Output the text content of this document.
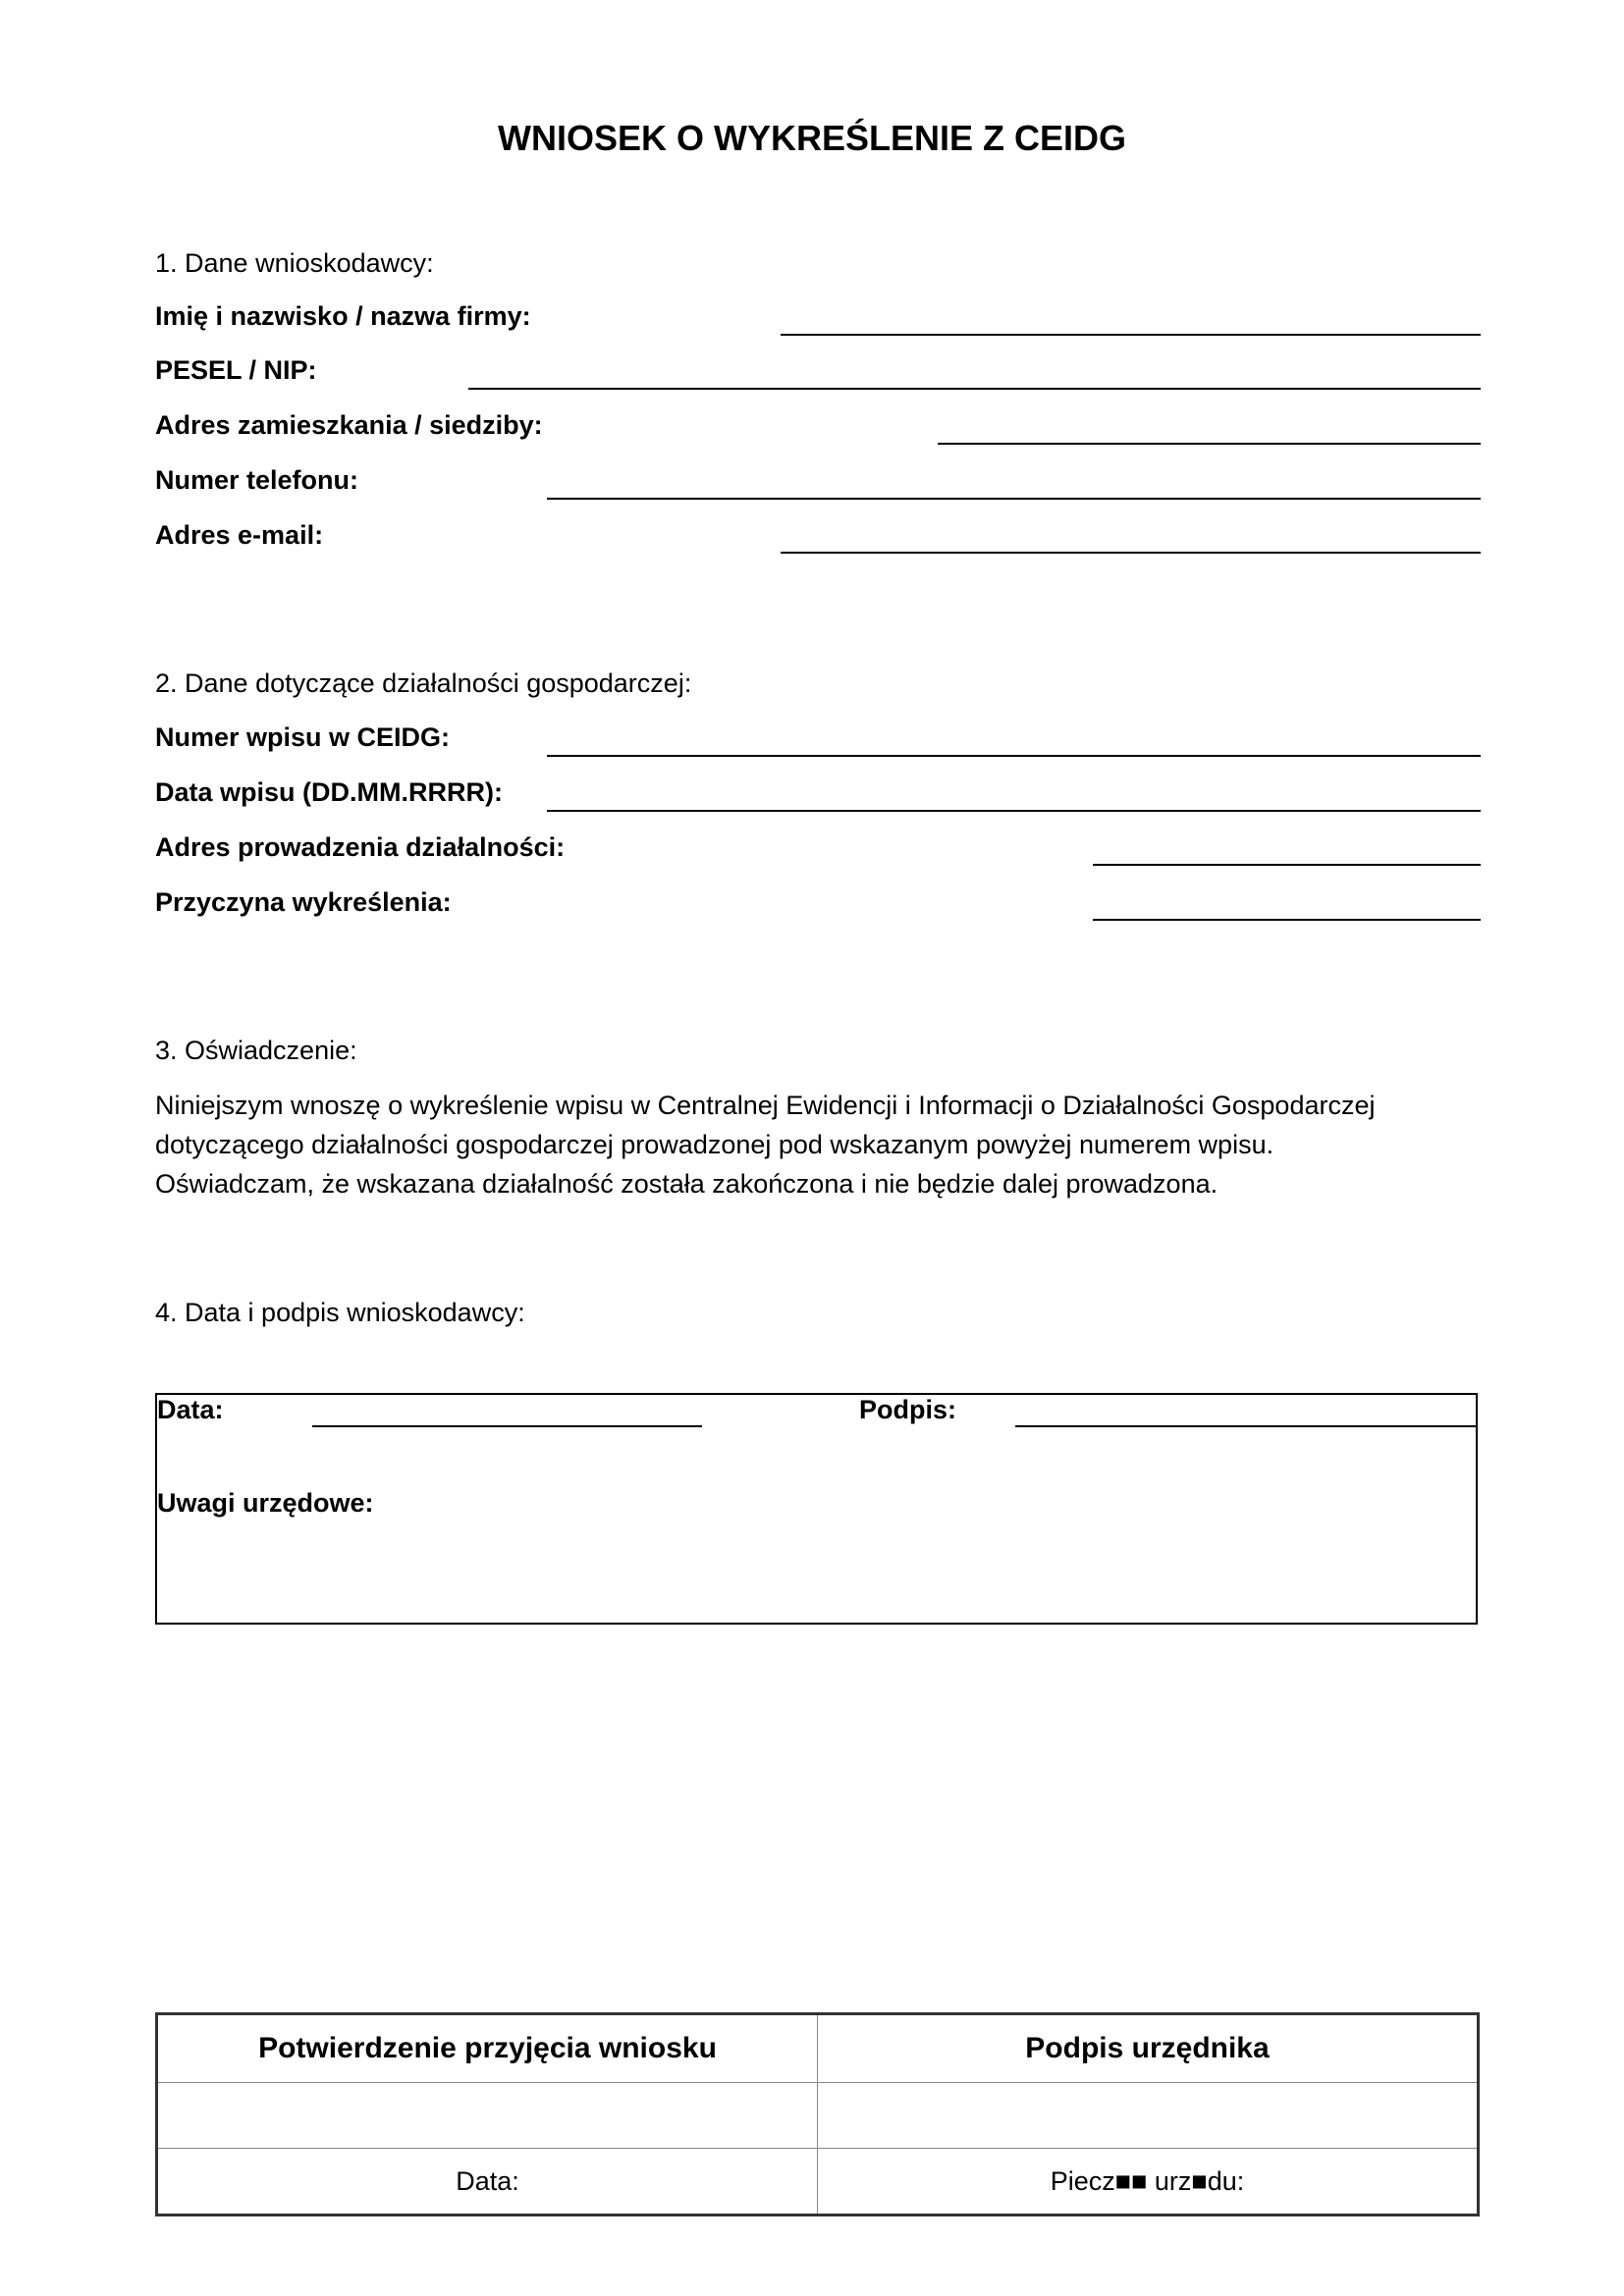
WNIOSEK O WYKREŚLENIE Z CEIDG
1. Dane wnioskodawcy:
Imię i nazwisko / nazwa firmy:
PESEL / NIP:
Adres zamieszkania / siedziby:
Numer telefonu:
Adres e-mail:
2. Dane dotyczące działalności gospodarczej:
Numer wpisu w CEIDG:
Data wpisu (DD.MM.RRRR):
Adres prowadzenia działalności:
Przyczyna wykreślenia:
3. Oświadczenie:
Niniejszym wnoszę o wykreślenie wpisu w Centralnej Ewidencji i Informacji o Działalności Gospodarczej
dotyczącego działalności gospodarczej prowadzonej pod wskazanym powyżej numerem wpisu.
Oświadczam, że wskazana działalność została zakończona i nie będzie dalej prowadzona.
4. Data i podpis wnioskodawcy:
Data:	Podpis:
Uwagi urzędowe:
Potwierdzenie przyjęcia wniosku	Podpis urzędnika

Data:	Piecz■■ urz■du:
